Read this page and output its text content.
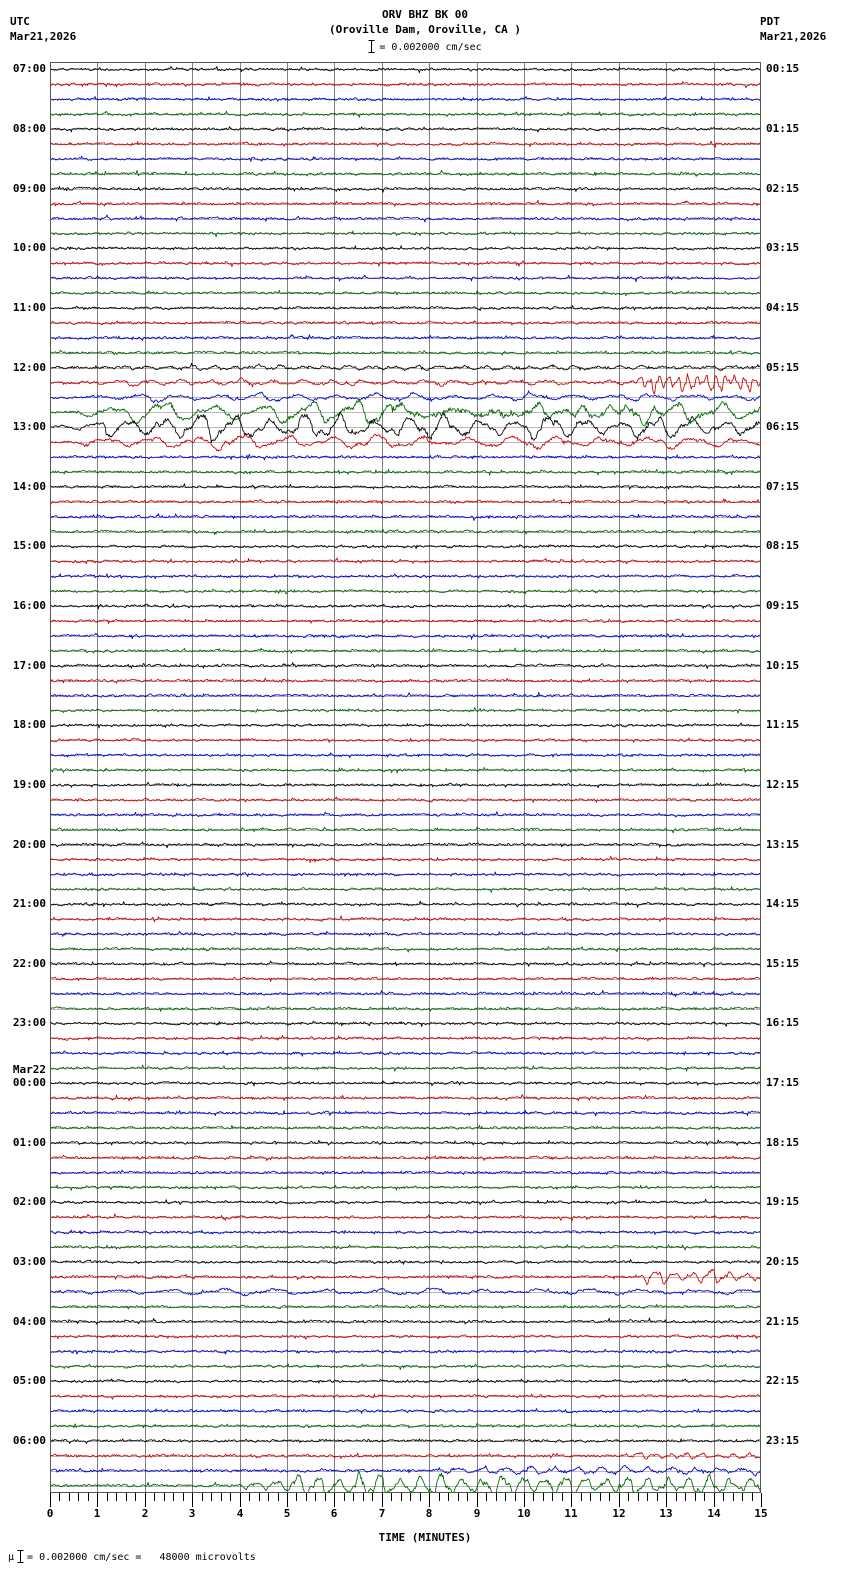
UTC
Mar21,2026
ORV BHZ BK 00
(Oroville Dam, Oroville, CA )
= 0.002000 cm/sec
PDT
Mar21,2026
07:00
08:00
09:00
10:00
11:00
12:00
13:00
14:00
15:00
16:00
17:00
18:00
19:00
20:00
21:00
22:00
23:00
Mar22
00:00
01:00
02:00
03:00
04:00
05:00
06:00
00:15
01:15
02:15
03:15
04:15
05:15
06:15
07:15
08:15
09:15
10:15
11:15
12:15
13:15
14:15
15:15
16:15
17:15
18:15
19:15
20:15
21:15
22:15
23:15
0	1	2	3	4	5	6	7	8	9	10	11	12	13	14	15
TIME (MINUTES)
μ = 0.002000 cm/sec =   48000 microvolts
